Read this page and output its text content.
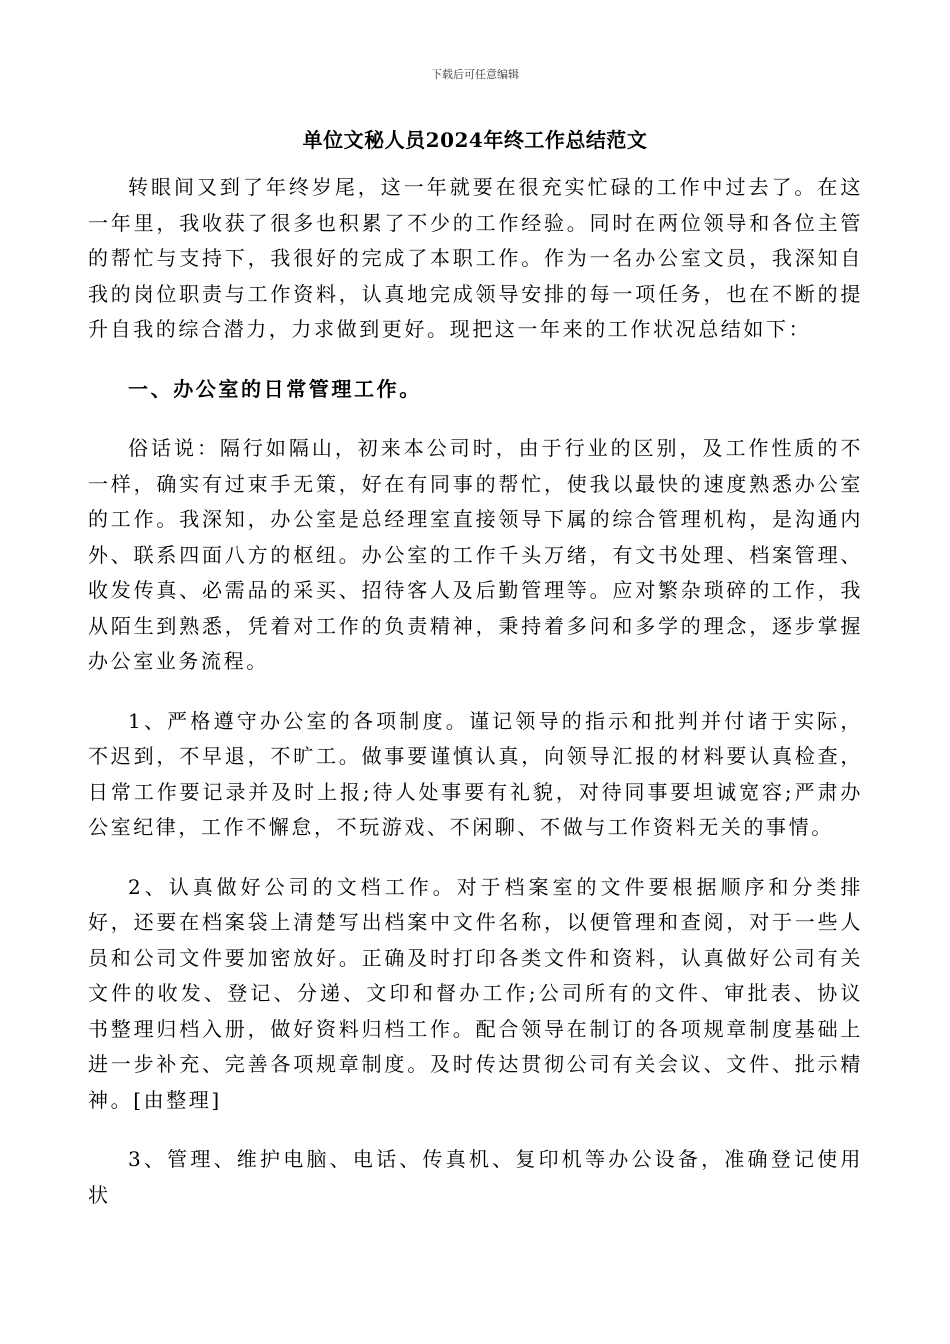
下载后可任意编辑
单位文秘人员2024年终工作总结范文

转眼间又到了年终岁尾，这一年就要在很充实忙碌的工作中过去了。在这一年里，我收获了很多也积累了不少的工作经验。同时在两位领导和各位主管的帮忙与支持下，我很好的完成了本职工作。作为一名办公室文员，我深知自我的岗位职责与工作资料，认真地完成领导安排的每一项任务，也在不断的提升自我的综合潜力，力求做到更好。现把这一年来的工作状况总结如下：

一、办公室的日常管理工作。

俗话说：隔行如隔山，初来本公司时，由于行业的区别，及工作性质的不一样，确实有过束手无策，好在有同事的帮忙，使我以最快的速度熟悉办公室的工作。我深知，办公室是总经理室直接领导下属的综合管理机构，是沟通内外、联系四面八方的枢纽。办公室的工作千头万绪，有文书处理、档案管理、收发传真、必需品的采买、招待客人及后勤管理等。应对繁杂琐碎的工作，我从陌生到熟悉，凭着对工作的负责精神，秉持着多问和多学的理念，逐步掌握办公室业务流程。

1、严格遵守办公室的各项制度。谨记领导的指示和批判并付诸于实际，不迟到，不早退，不旷工。做事要谨慎认真，向领导汇报的材料要认真检查，日常工作要记录并及时上报;待人处事要有礼貌，对待同事要坦诚宽容;严肃办公室纪律，工作不懈怠，不玩游戏、不闲聊、不做与工作资料无关的事情。

2、认真做好公司的文档工作。对于档案室的文件要根据顺序和分类排好，还要在档案袋上清楚写出档案中文件名称，以便管理和查阅，对于一些人员和公司文件要加密放好。正确及时打印各类文件和资料，认真做好公司有关文件的收发、登记、分递、文印和督办工作;公司所有的文件、审批表、协议书整理归档入册，做好资料归档工作。配合领导在制订的各项规章制度基础上进一步补充、完善各项规章制度。及时传达贯彻公司有关会议、文件、批示精神。[由整理]

3、管理、维护电脑、电话、传真机、复印机等办公设备，准确登记使用状
